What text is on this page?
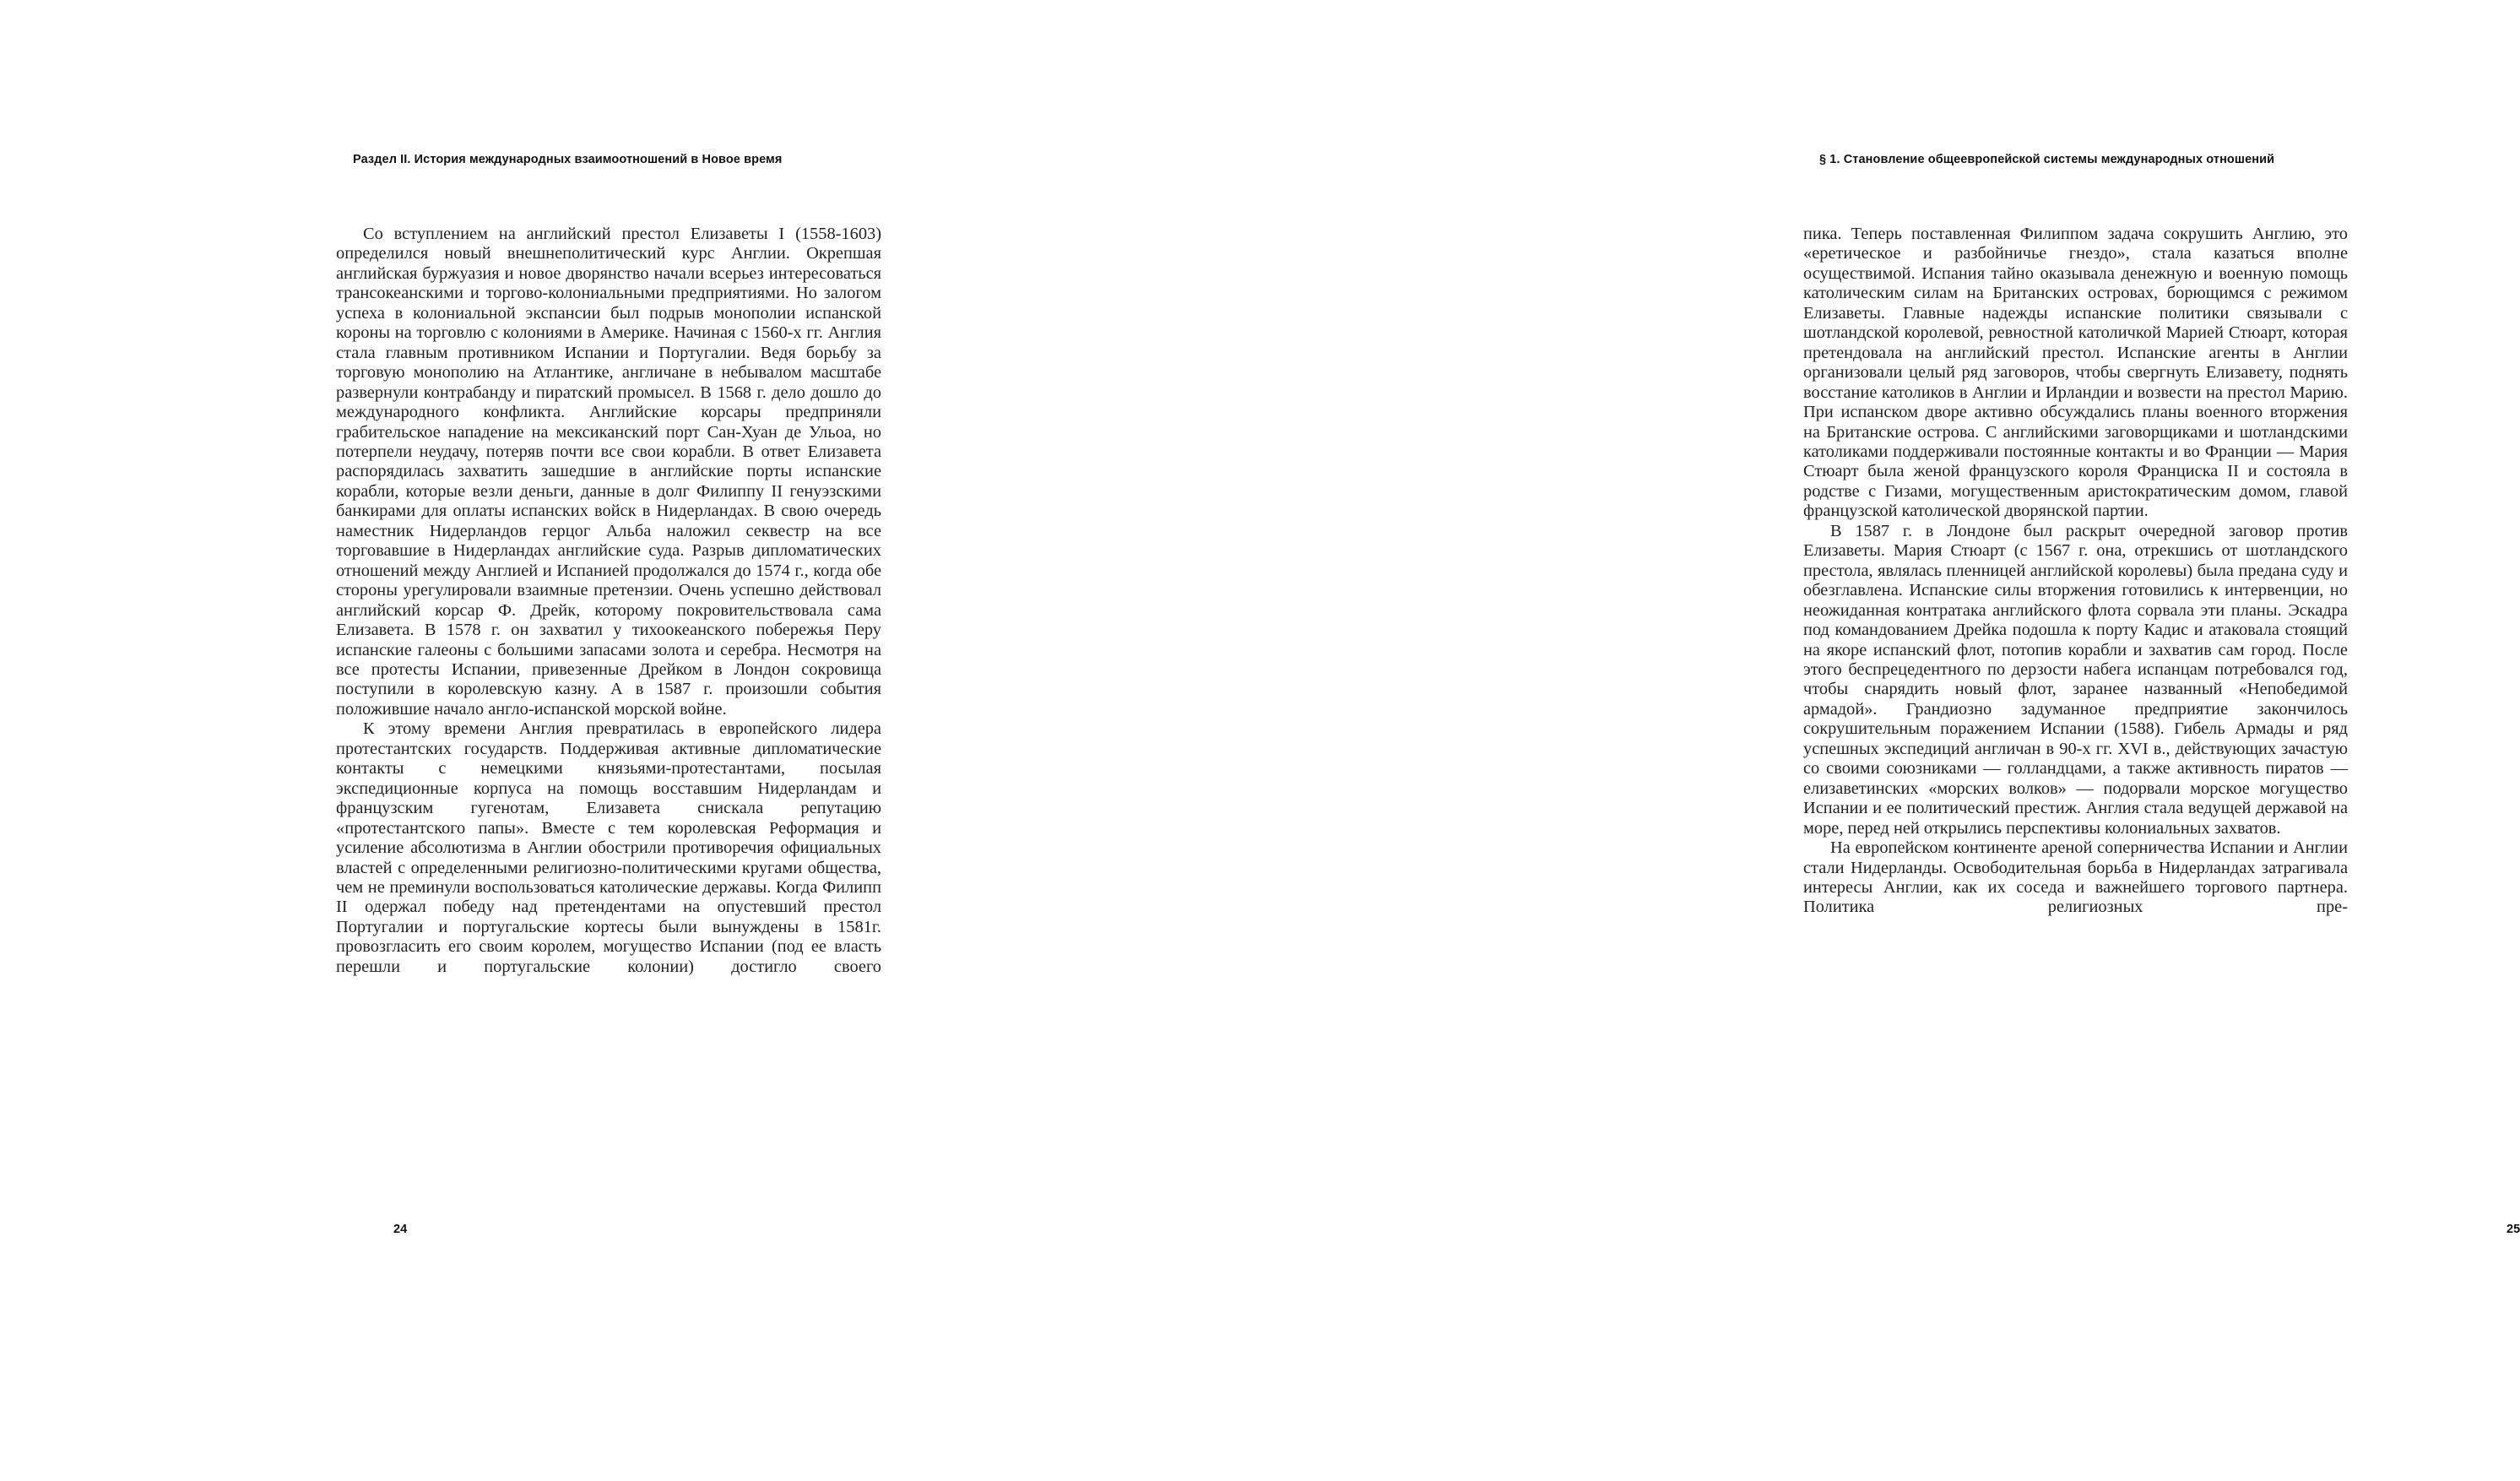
Раздел II. История международных взаимоотношений в Новое время

Со вступлением на английский престол Елизаветы I (1558-1603) определился новый внешнеполитический курс Англии. Окрепшая английская буржуазия и новое дворянство начали всерьез интересоваться трансокеанскими и торгово-колониальными предприятиями. Но залогом успеха в колониальной экспансии был подрыв монополии испанской короны на торговлю с колониями в Америке. Начиная с 1560-х гг. Англия стала главным противником Испании и Португалии. Ведя борьбу за торговую монополию на Атлантике, англичане в небывалом масштабе развернули контрабанду и пиратский промысел. В 1568 г. дело дошло до международного конфликта. Английские корсары предприняли грабительское нападение на мексиканский порт Сан-Хуан де Ульоа, но потерпели неудачу, потеряв почти все свои корабли. В ответ Елизавета распорядилась захватить зашедшие в английские порты испанские корабли, которые везли деньги, данные в долг Филиппу II генуэзскими банкирами для оплаты испанских войск в Нидерландах. В свою очередь наместник Нидерландов герцог Альба наложил секвестр на все торговавшие в Нидерландах английские суда. Разрыв дипломатических отношений между Англией и Испанией продолжался до 1574 г., когда обе стороны урегулировали взаимные претензии. Очень успешно действовал английский корсар Ф. Дрейк, которому покровительствовала сама Елизавета. В 1578 г. он захватил у тихоокеанского побережья Перу испанские галеоны с большими запасами золота и серебра. Несмотря на все протесты Испании, привезенные Дрейком в Лондон сокровища поступили в королевскую казну. А в 1587 г. произошли события положившие начало англо-испанской морской войне.

К этому времени Англия превратилась в европейского лидера протестантских государств. Поддерживая активные дипломатические контакты с немецкими князьями-протестантами, посылая экспедиционные корпуса на помощь восставшим Нидерландам и французским гугенотам, Елизавета снискала репутацию «протестантского папы». Вместе с тем королевская Реформация и усиление абсолютизма в Англии обострили противоречия официальных властей с определенными религиозно-политическими кругами общества, чем не преминули воспользоваться католические державы. Когда Филипп II одержал победу над претендентами на опустевший престол Португалии и португальские кортесы были вынуждены в 1581г. провозгласить его своим королем, могущество Испании (под ее власть перешли и португальские колонии) достигло своего

24
§ 1. Становление общеевропейской системы международных отношений

пика. Теперь поставленная Филиппом задача сокрушить Англию, это «еретическое и разбойничье гнездо», стала казаться вполне осуществимой. Испания тайно оказывала денежную и военную помощь католическим силам на Британских островах, борющимся с режимом Елизаветы. Главные надежды испанские политики связывали с шотландской королевой, ревностной католичкой Марией Стюарт, которая претендовала на английский престол. Испанские агенты в Англии организовали целый ряд заговоров, чтобы свергнуть Елизавету, поднять восстание католиков в Англии и Ирландии и возвести на престол Марию. При испанском дворе активно обсуждались планы военного вторжения на Британские острова. С английскими заговорщиками и шотландскими католиками поддерживали постоянные контакты и во Франции — Мария Стюарт была женой французского короля Франциска II и состояла в родстве с Гизами, могущественным аристократическим домом, главой французской католической дворянской партии.

В 1587 г. в Лондоне был раскрыт очередной заговор против Елизаветы. Мария Стюарт (с 1567 г. она, отрекшись от шотландского престола, являлась пленницей английской королевы) была предана суду и обезглавлена. Испанские силы вторжения готовились к интервенции, но неожиданная контратака английского флота сорвала эти планы. Эскадра под командованием Дрейка подошла к порту Кадис и атаковала стоящий на якоре испанский флот, потопив корабли и захватив сам город. После этого беспрецедентного по дерзости набега испанцам потребовался год, чтобы снарядить новый флот, заранее названный «Непобедимой армадой». Грандиозно задуманное предприятие закончилось сокрушительным поражением Испании (1588). Гибель Армады и ряд успешных экспедиций англичан в 90-х гг. XVI в., действующих зачастую со своими союзниками — голландцами, а также активность пиратов — елизаветинских «морских волков» — подорвали морское могущество Испании и ее политический престиж. Англия стала ведущей державой на море, перед ней открылись перспективы колониальных захватов.

На европейском континенте ареной соперничества Испании и Англии стали Нидерланды. Освободительная борьба в Нидерландах затрагивала интересы Англии, как их соседа и важнейшего торгового партнера. Политика религиозных пре-

25
